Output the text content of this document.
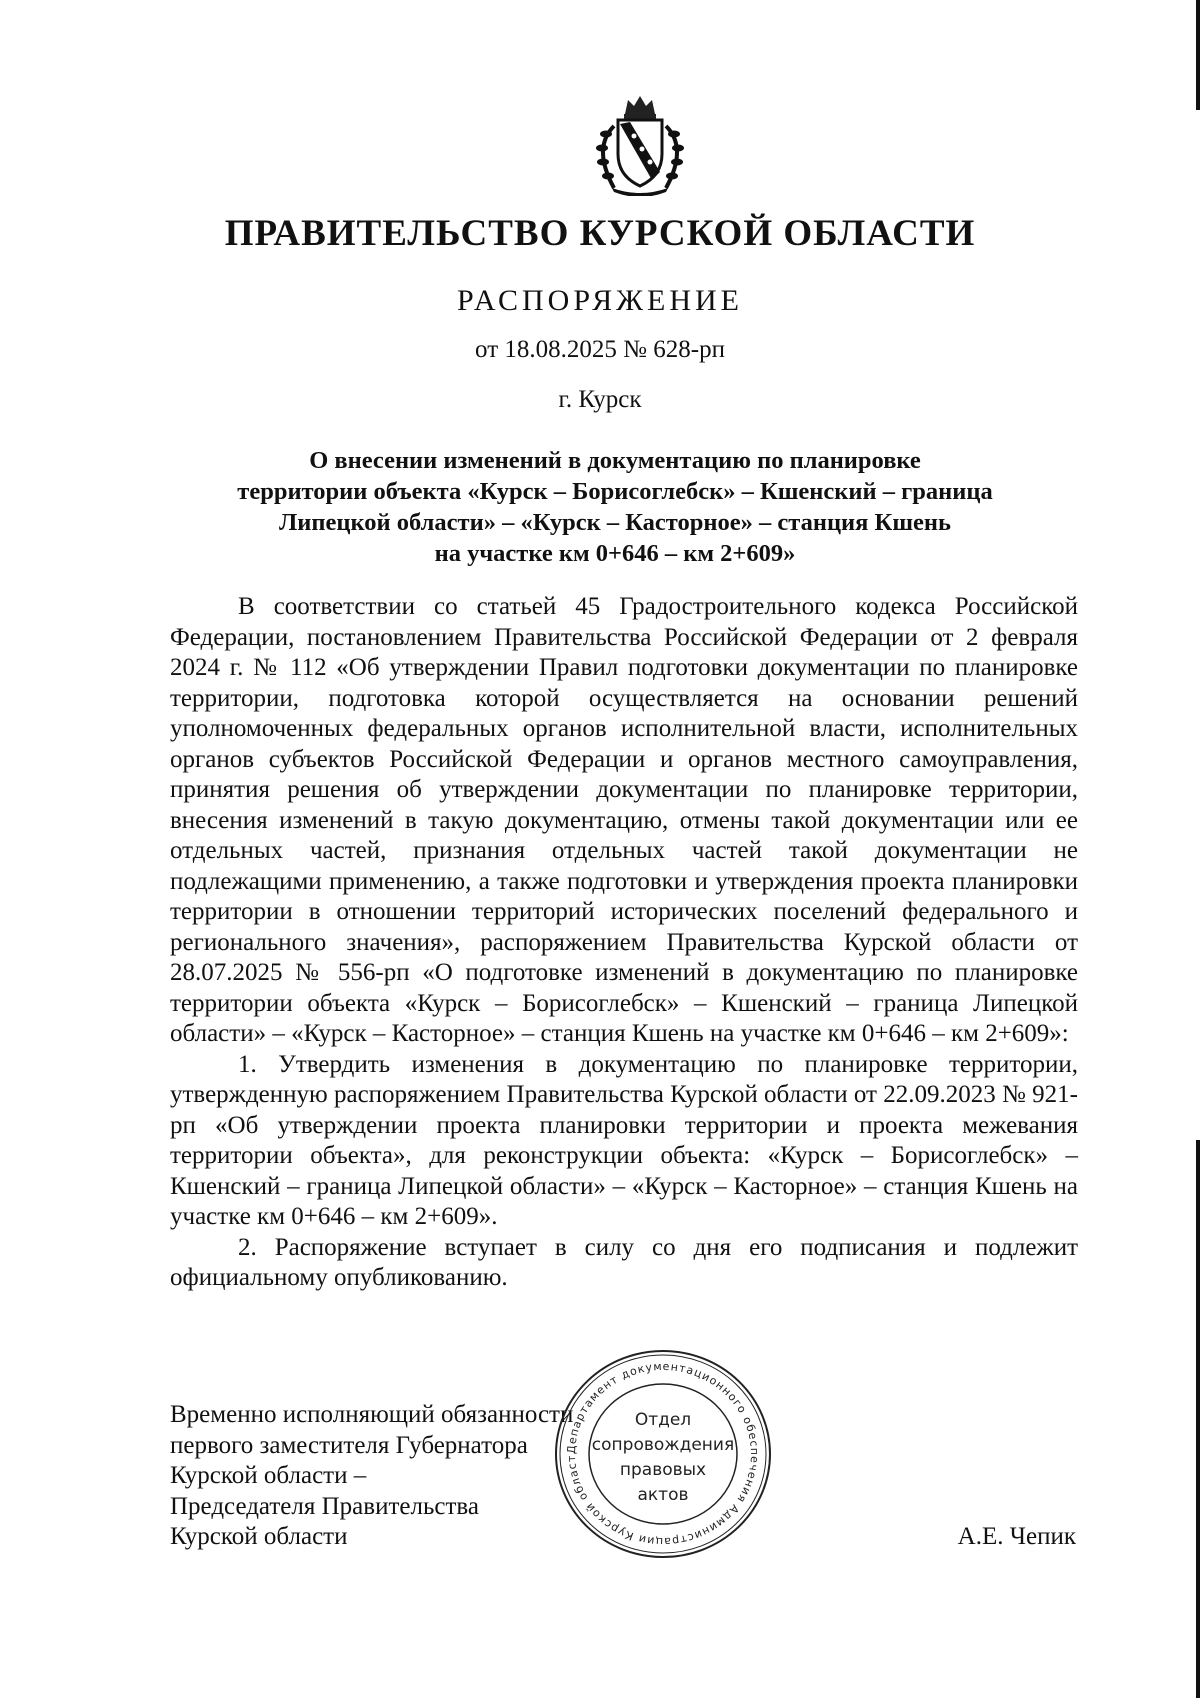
ПРАВИТЕЛЬСТВО КУРСКОЙ ОБЛАСТИ
РАСПОРЯЖЕНИЕ
от 18.08.2025 № 628-рп
г. Курск
О внесении изменений в документацию по планировке
территории объекта «Курск – Борисоглебск» – Кшенский – граница
Липецкой области» – «Курск – Касторное» – станция Кшень
на участке км 0+646 – км 2+609»

В соответствии со статьей 45 Градостроительного кодекса Российской Федерации, постановлением Правительства Российской Федерации от 2 февраля 2024 г. № 112 «Об утверждении Правил подготовки документации по планировке территории, подготовка которой осуществляется на основании решений уполномоченных федеральных органов исполнительной власти, исполнительных органов субъектов Российской Федерации и органов местного самоуправления, принятия решения об утверждении документации по планировке территории, внесения изменений в такую документацию, отмены такой документации или ее отдельных частей, признания отдельных частей такой документации не подлежащими применению, а также подготовки и утверждения проекта планировки территории в отношении территорий исторических поселений федерального и регионального значения», распоряжением Правительства Курской области от 28.07.2025 № 556-рп «О подготовке изменений в документацию по планировке территории объекта «Курск – Борисоглебск» – Кшенский – граница Липецкой области» – «Курск – Касторное» – станция Кшень на участке км 0+646 – км 2+609»:

1. Утвердить изменения в документацию по планировке территории, утвержденную распоряжением Правительства Курской области от 22.09.2023 № 921-рп «Об утверждении проекта планировки территории и проекта межевания территории объекта», для реконструкции объекта: «Курск – Борисоглебск» – Кшенский – граница Липецкой области» – «Курск – Касторное» – станция Кшень на участке км 0+646 – км 2+609».

2. Распоряжение вступает в силу со дня его подписания и подлежит официальному опубликованию.

Временно исполняющий обязанности
первого заместителя Губернатора
Курской области –
Председателя Правительства
Курской области	А.Е. Чепик
Департамент документационного обеспечения Администрации Курской област
Отдел
сопровождения
правовых
актов
